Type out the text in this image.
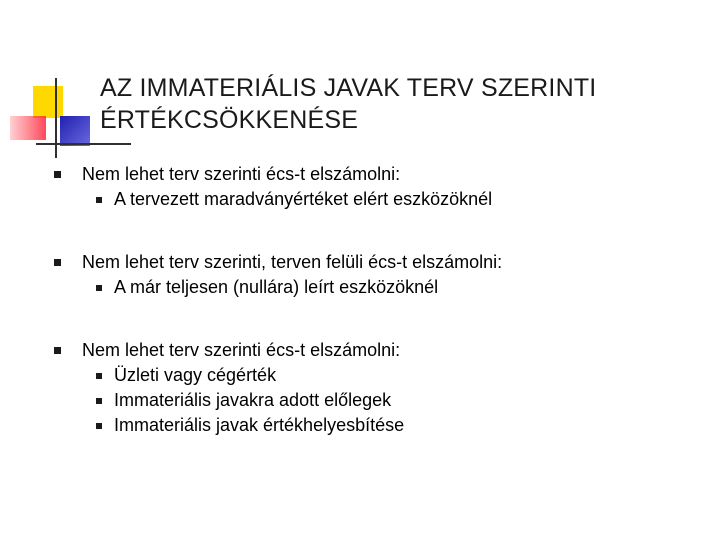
AZ IMMATERIÁLIS JAVAK TERV SZERINTI
ÉRTÉKCSÖKKENÉSE
Nem lehet terv szerinti écs-t elszámolni:
A tervezett maradványértéket elért eszközöknél
Nem lehet terv szerinti, terven felüli écs-t elszámolni:
A már teljesen (nullára) leírt eszközöknél
Nem lehet terv szerinti écs-t elszámolni:
Üzleti vagy cégérték
Immateriális javakra adott előlegek
Immateriális javak értékhelyesbítése
